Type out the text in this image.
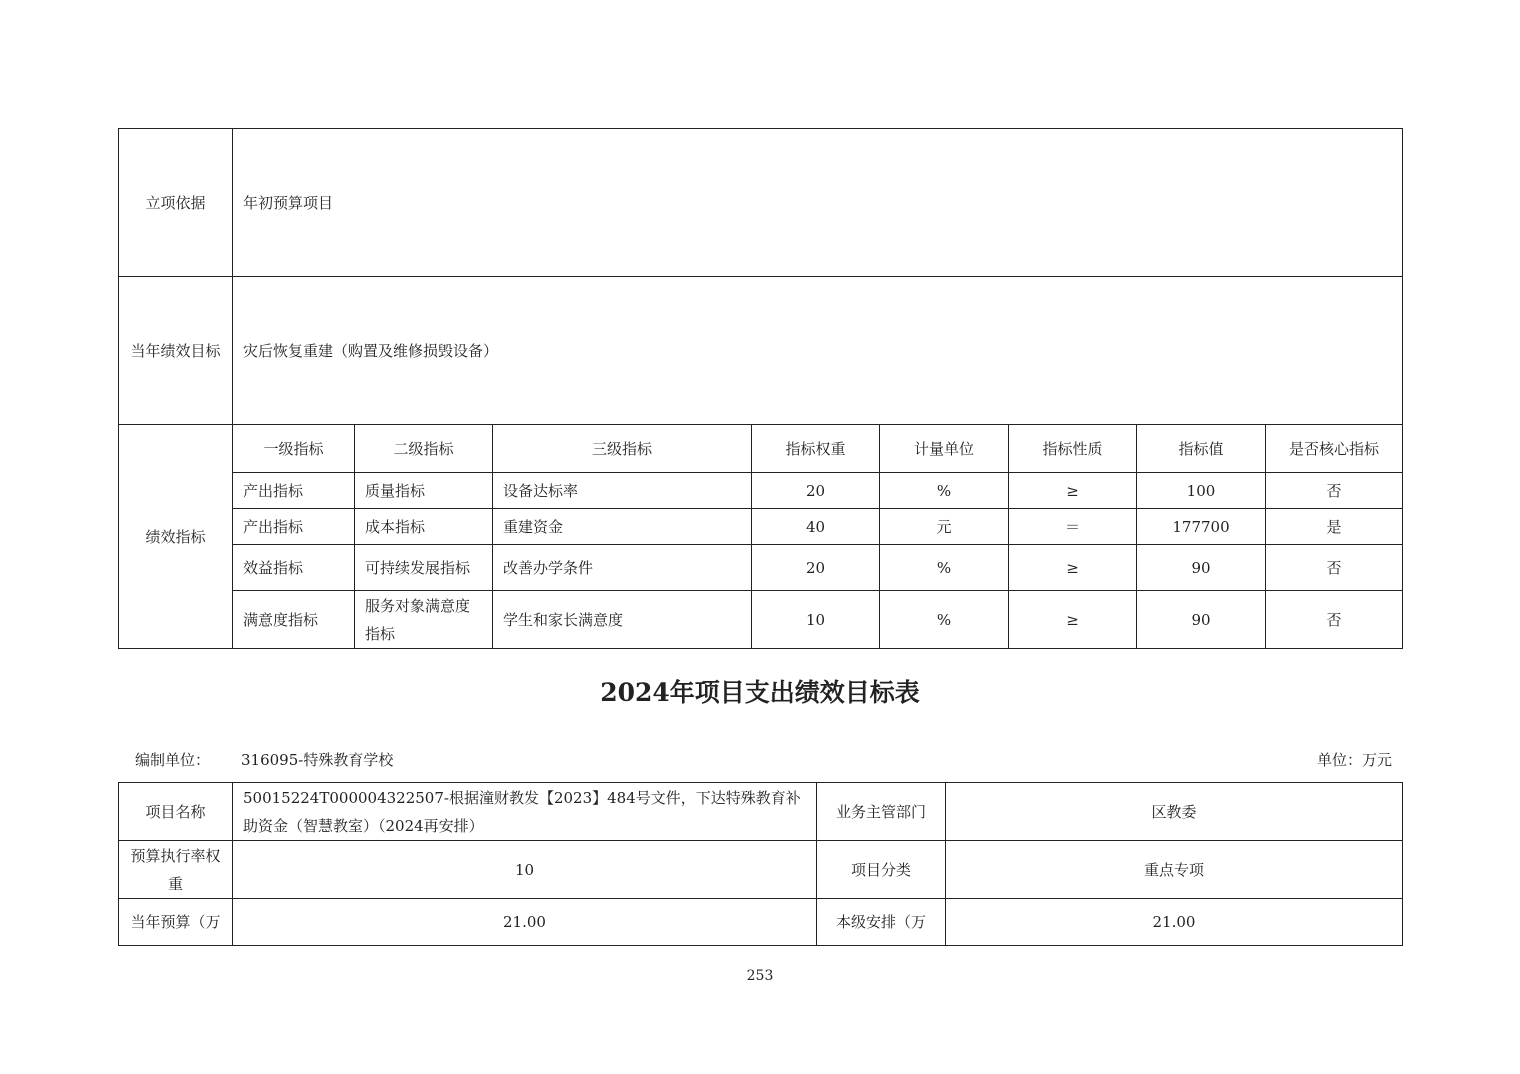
立项依据	年初预算项目							
当年绩效目标	灾后恢复重建（购置及维修损毁设备）							
绩效指标	一级指标	二级指标	三级指标	指标权重	计量单位	指标性质	指标值	是否核心指标
	产出指标	质量指标	设备达标率	20	%	≥	100	否
	产出指标	成本指标	重建资金	40	元	＝	177700	是
	效益指标	可持续发展指标	改善办学条件	20	%	≥	90	否
	满意度指标	服务对象满意度指标	学生和家长满意度	10	%	≥	90	否
2024年项目支出绩效目标表
编制单位： 316095-特殊教育学校	单位：万元
项目名称	50015224T000004322507-根据潼财教发【2023】484号文件，下达特殊教育补助资金（智慧教室）（2024再安排）	业务主管部门	区教委
预算执行率权重	10	项目分类	重点专项
当年预算（万	21.00	本级安排（万	21.00
253
